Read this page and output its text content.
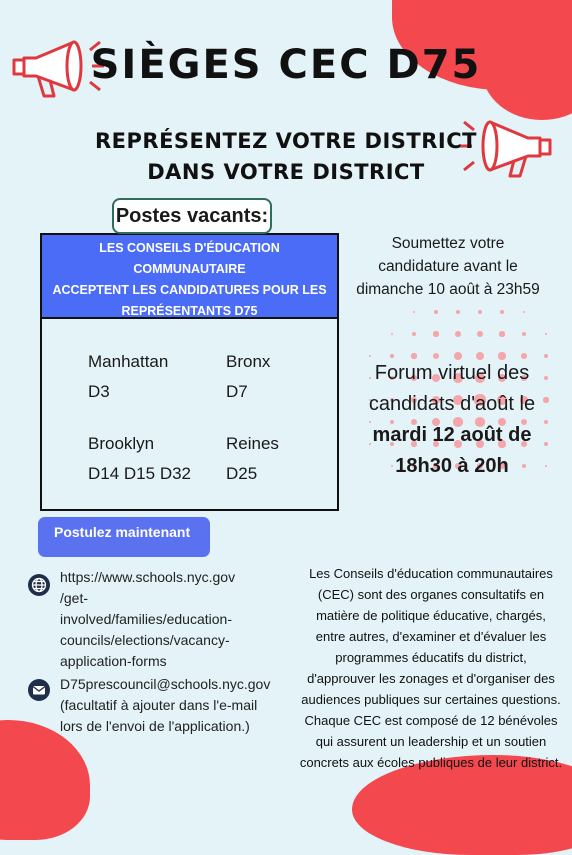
SIÈGES CEC D75
REPRÉSENTEZ VOTRE DISTRICT
DANS VOTRE DISTRICT
LES CONSEILS D'ÉDUCATION COMMUNAUTAIRE
ACCEPTENT LES CANDIDATURES POUR LES
REPRÉSENTANTS D75
Manhattan
D3
Bronx
D7
Brooklyn
D14 D15 D32
Reines
D25
Postes vacants:
Postulez maintenant
Soumettez votre
candidature avant le
dimanche 10 août à 23h59
Forum virtuel des
candidats d'août le
mardi 12 août de
18h30 à 20h
https://www.schools.nyc.gov
/get-
involved/families/education-
councils/elections/vacancy-
application-forms
D75prescouncil@schools.nyc.gov
(facultatif à ajouter dans l'e-mail
lors de l'envoi de l'application.)
Les Conseils d'éducation communautaires
(CEC) sont des organes consultatifs en
matière de politique éducative, chargés,
entre autres, d'examiner et d'évaluer les
programmes éducatifs du district,
d'approuver les zonages et d'organiser des
audiences publiques sur certaines questions.
Chaque CEC est composé de 12 bénévoles
qui assurent un leadership et un soutien
concrets aux écoles publiques de leur district.
